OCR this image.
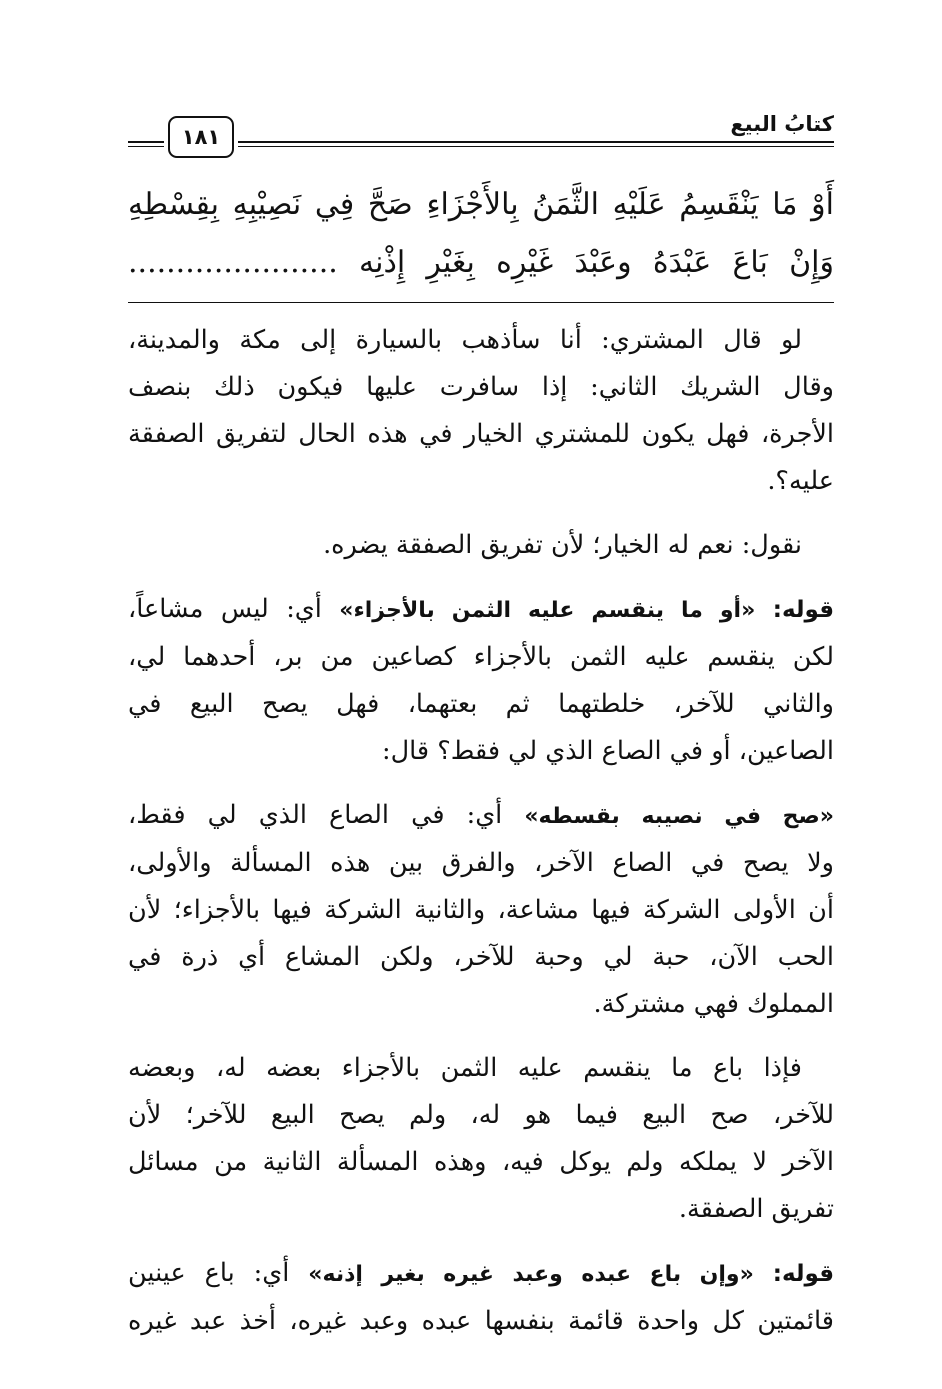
كتابُ البيع
١٨١
أَوْ مَا يَنْقَسِمُ عَلَيْهِ الثَّمَنُ بِالأَجْزَاءِ صَحَّ فِي نَصِيْبِهِ بِقِسْطِهِ
وَإِنْ بَاعَ عَبْدَهُ وعَبْدَ غَيْرِه بِغَيْرِ إِذْنِه ......................
لو قال المشتري: أنا سأذهب بالسيارة إلى مكة والمدينة،
وقال الشريك الثاني: إذا سافرت عليها فيكون ذلك بنصف
الأجرة، فهل يكون للمشتري الخيار في هذه الحال لتفريق الصفقة
عليه؟.
نقول: نعم له الخيار؛ لأن تفريق الصفقة يضره.
قوله: «أو ما ينقسم عليه الثمن بالأجزاء» أي: ليس مشاعاً،
لكن ينقسم عليه الثمن بالأجزاء كصاعين من بر، أحدهما لي،
والثاني للآخر، خلطتهما ثم بعتهما، فهل يصح البيع في
الصاعين، أو في الصاع الذي لي فقط؟ قال:
«صح في نصيبه بقسطه» أي: في الصاع الذي لي فقط،
ولا يصح في الصاع الآخر، والفرق بين هذه المسألة والأولى،
أن الأولى الشركة فيها مشاعة، والثانية الشركة فيها بالأجزاء؛ لأن
الحب الآن، حبة لي وحبة للآخر، ولكن المشاع أي ذرة في
المملوك فهي مشتركة.
فإذا باع ما ينقسم عليه الثمن بالأجزاء بعضه له، وبعضه
للآخر، صح البيع فيما هو له، ولم يصح البيع للآخر؛ لأن
الآخر لا يملكه ولم يوكل فيه، وهذه المسألة الثانية من مسائل
تفريق الصفقة.
قوله: «وإن باع عبده وعبد غيره بغير إذنه» أي: باع عينين
قائمتين كل واحدة قائمة بنفسها عبده وعبد غيره، أخذ عبد غيره
